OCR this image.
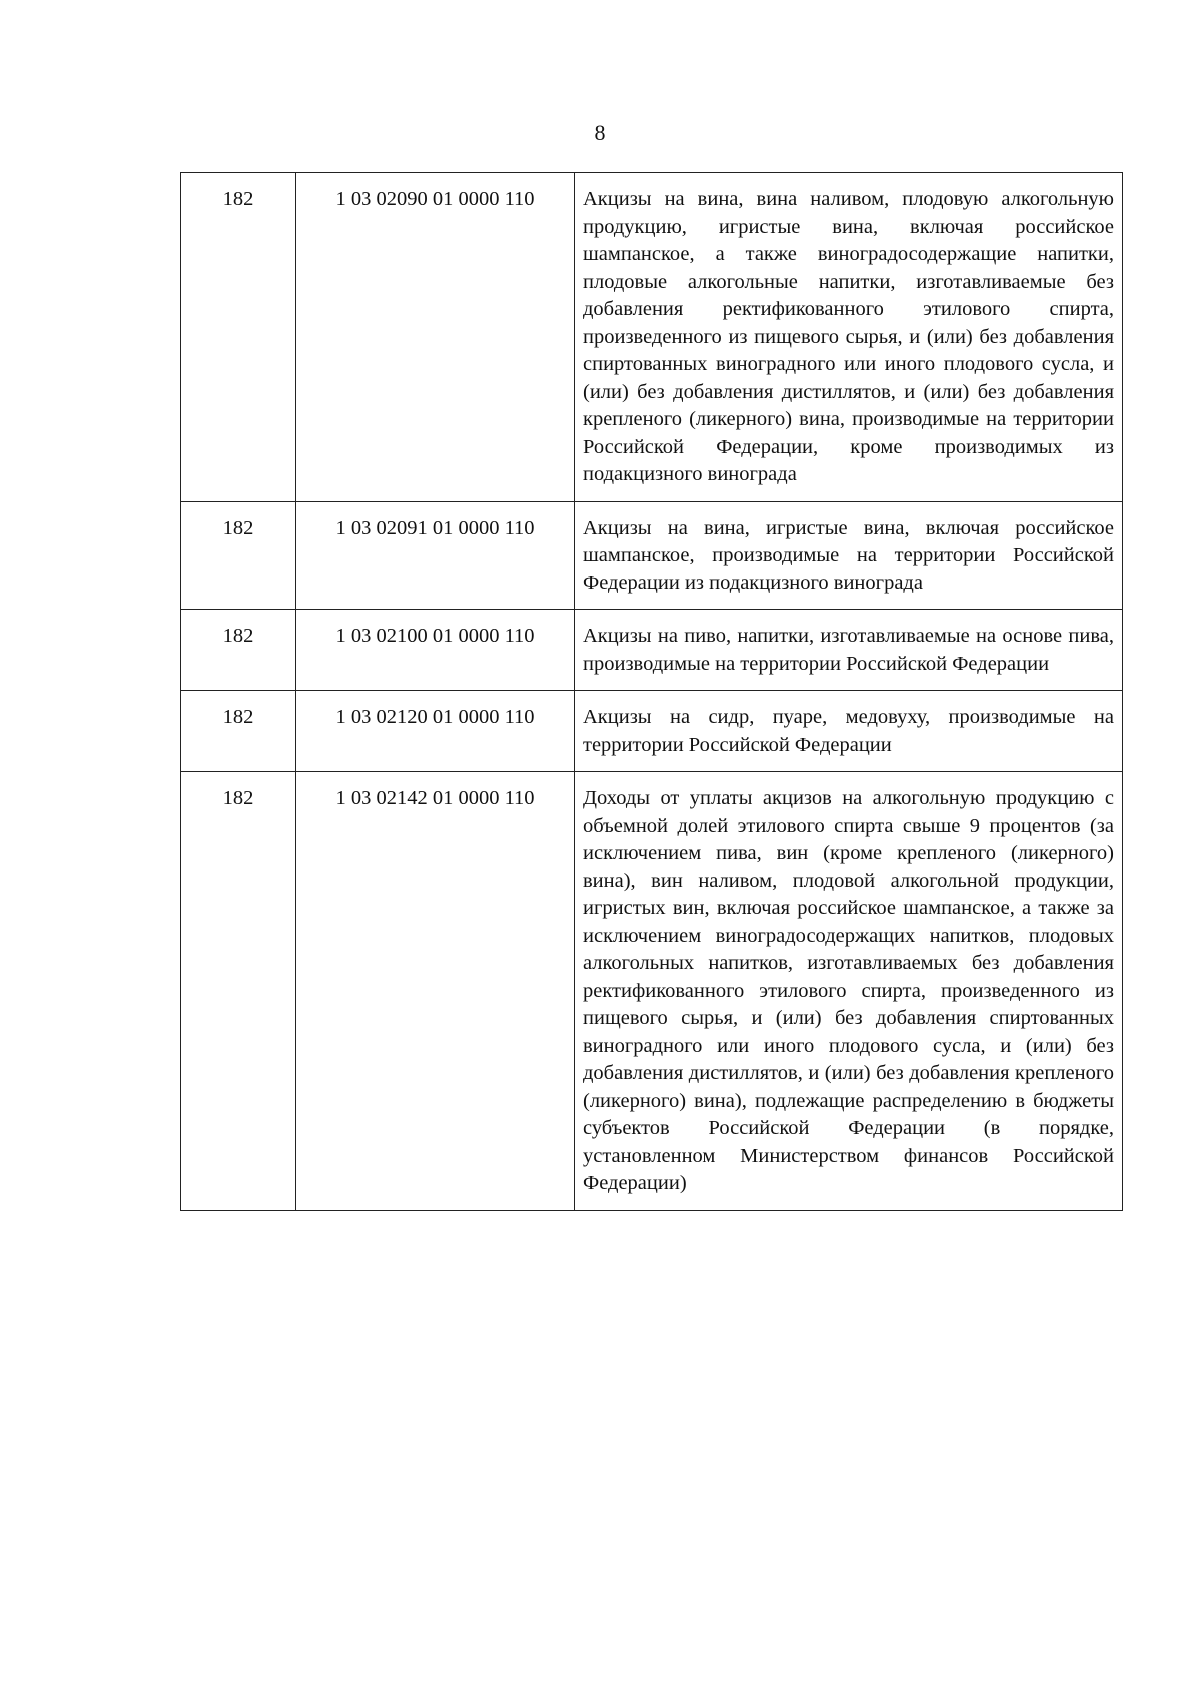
8
182	1 03 02090 01 0000 110	Акцизы на вина, вина наливом, плодовую алкогольную продукцию, игристые вина, включая российское шампанское, а также виноградосодержащие напитки, плодовые алкогольные напитки, изготавливаемые без добавления ректификованного этилового спирта, произведенного из пищевого сырья, и (или) без добавления спиртованных виноградного или иного плодового сусла, и (или) без добавления дистиллятов, и (или) без добавления крепленого (ликерного) вина, производимые на территории Российской Федерации, кроме производимых из подакцизного винограда
182	1 03 02091 01 0000 110	Акцизы на вина, игристые вина, включая российское шампанское, производимые на территории Российской Федерации из подакцизного винограда
182	1 03 02100 01 0000 110	Акцизы на пиво, напитки, изготавливаемые на основе пива, производимые на территории Российской Федерации
182	1 03 02120 01 0000 110	Акцизы на сидр, пуаре, медовуху, производимые на территории Российской Федерации
182	1 03 02142 01 0000 110	Доходы от уплаты акцизов на алкогольную продукцию с объемной долей этилового спирта свыше 9 процентов (за исключением пива, вин (кроме крепленого (ликерного) вина), вин наливом, плодовой алкогольной продукции, игристых вин, включая российское шампанское, а также за исключением виноградосодержащих напитков, плодовых алкогольных напитков, изготавливаемых без добавления ректификованного этилового спирта, произведенного из пищевого сырья, и (или) без добавления спиртованных виноградного или иного плодового сусла, и (или) без добавления дистиллятов, и (или) без добавления крепленого (ликерного) вина), подлежащие распределению в бюджеты субъектов Российской Федерации (в порядке, установленном Министерством финансов Российской Федерации)
